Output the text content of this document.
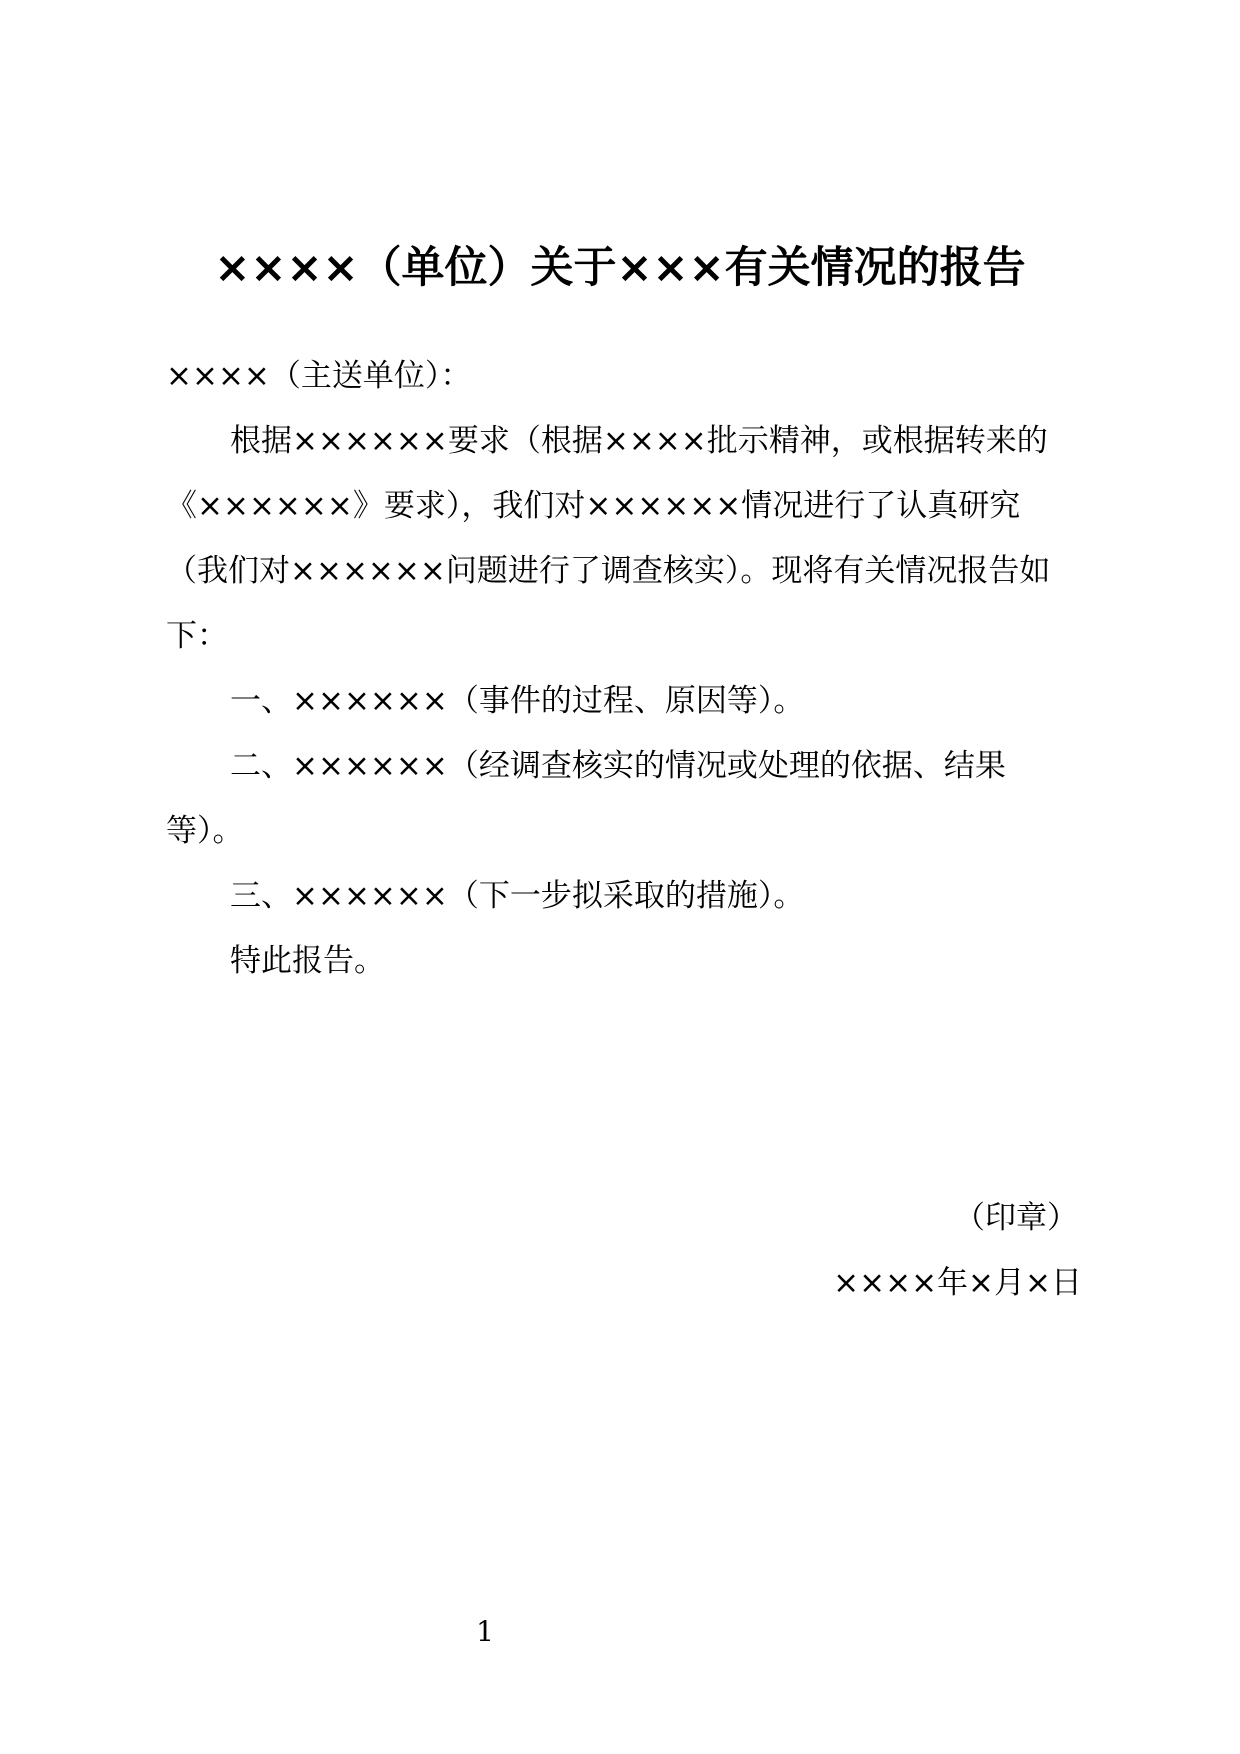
××××（单位）关于×××有关情况的报告

××××（主送单位）：

根据××××××要求（根据××××批示精神，或根据转来的《××××××》要求），我们对××××××情况进行了认真研究（我们对××××××问题进行了调查核实）。现将有关情况报告如下：

一、××××××（事件的过程、原因等）。

二、××××××（经调查核实的情况或处理的依据、结果等）。

三、××××××（下一步拟采取的措施）。

特此报告。

（印章）
××××年×月×日
1
